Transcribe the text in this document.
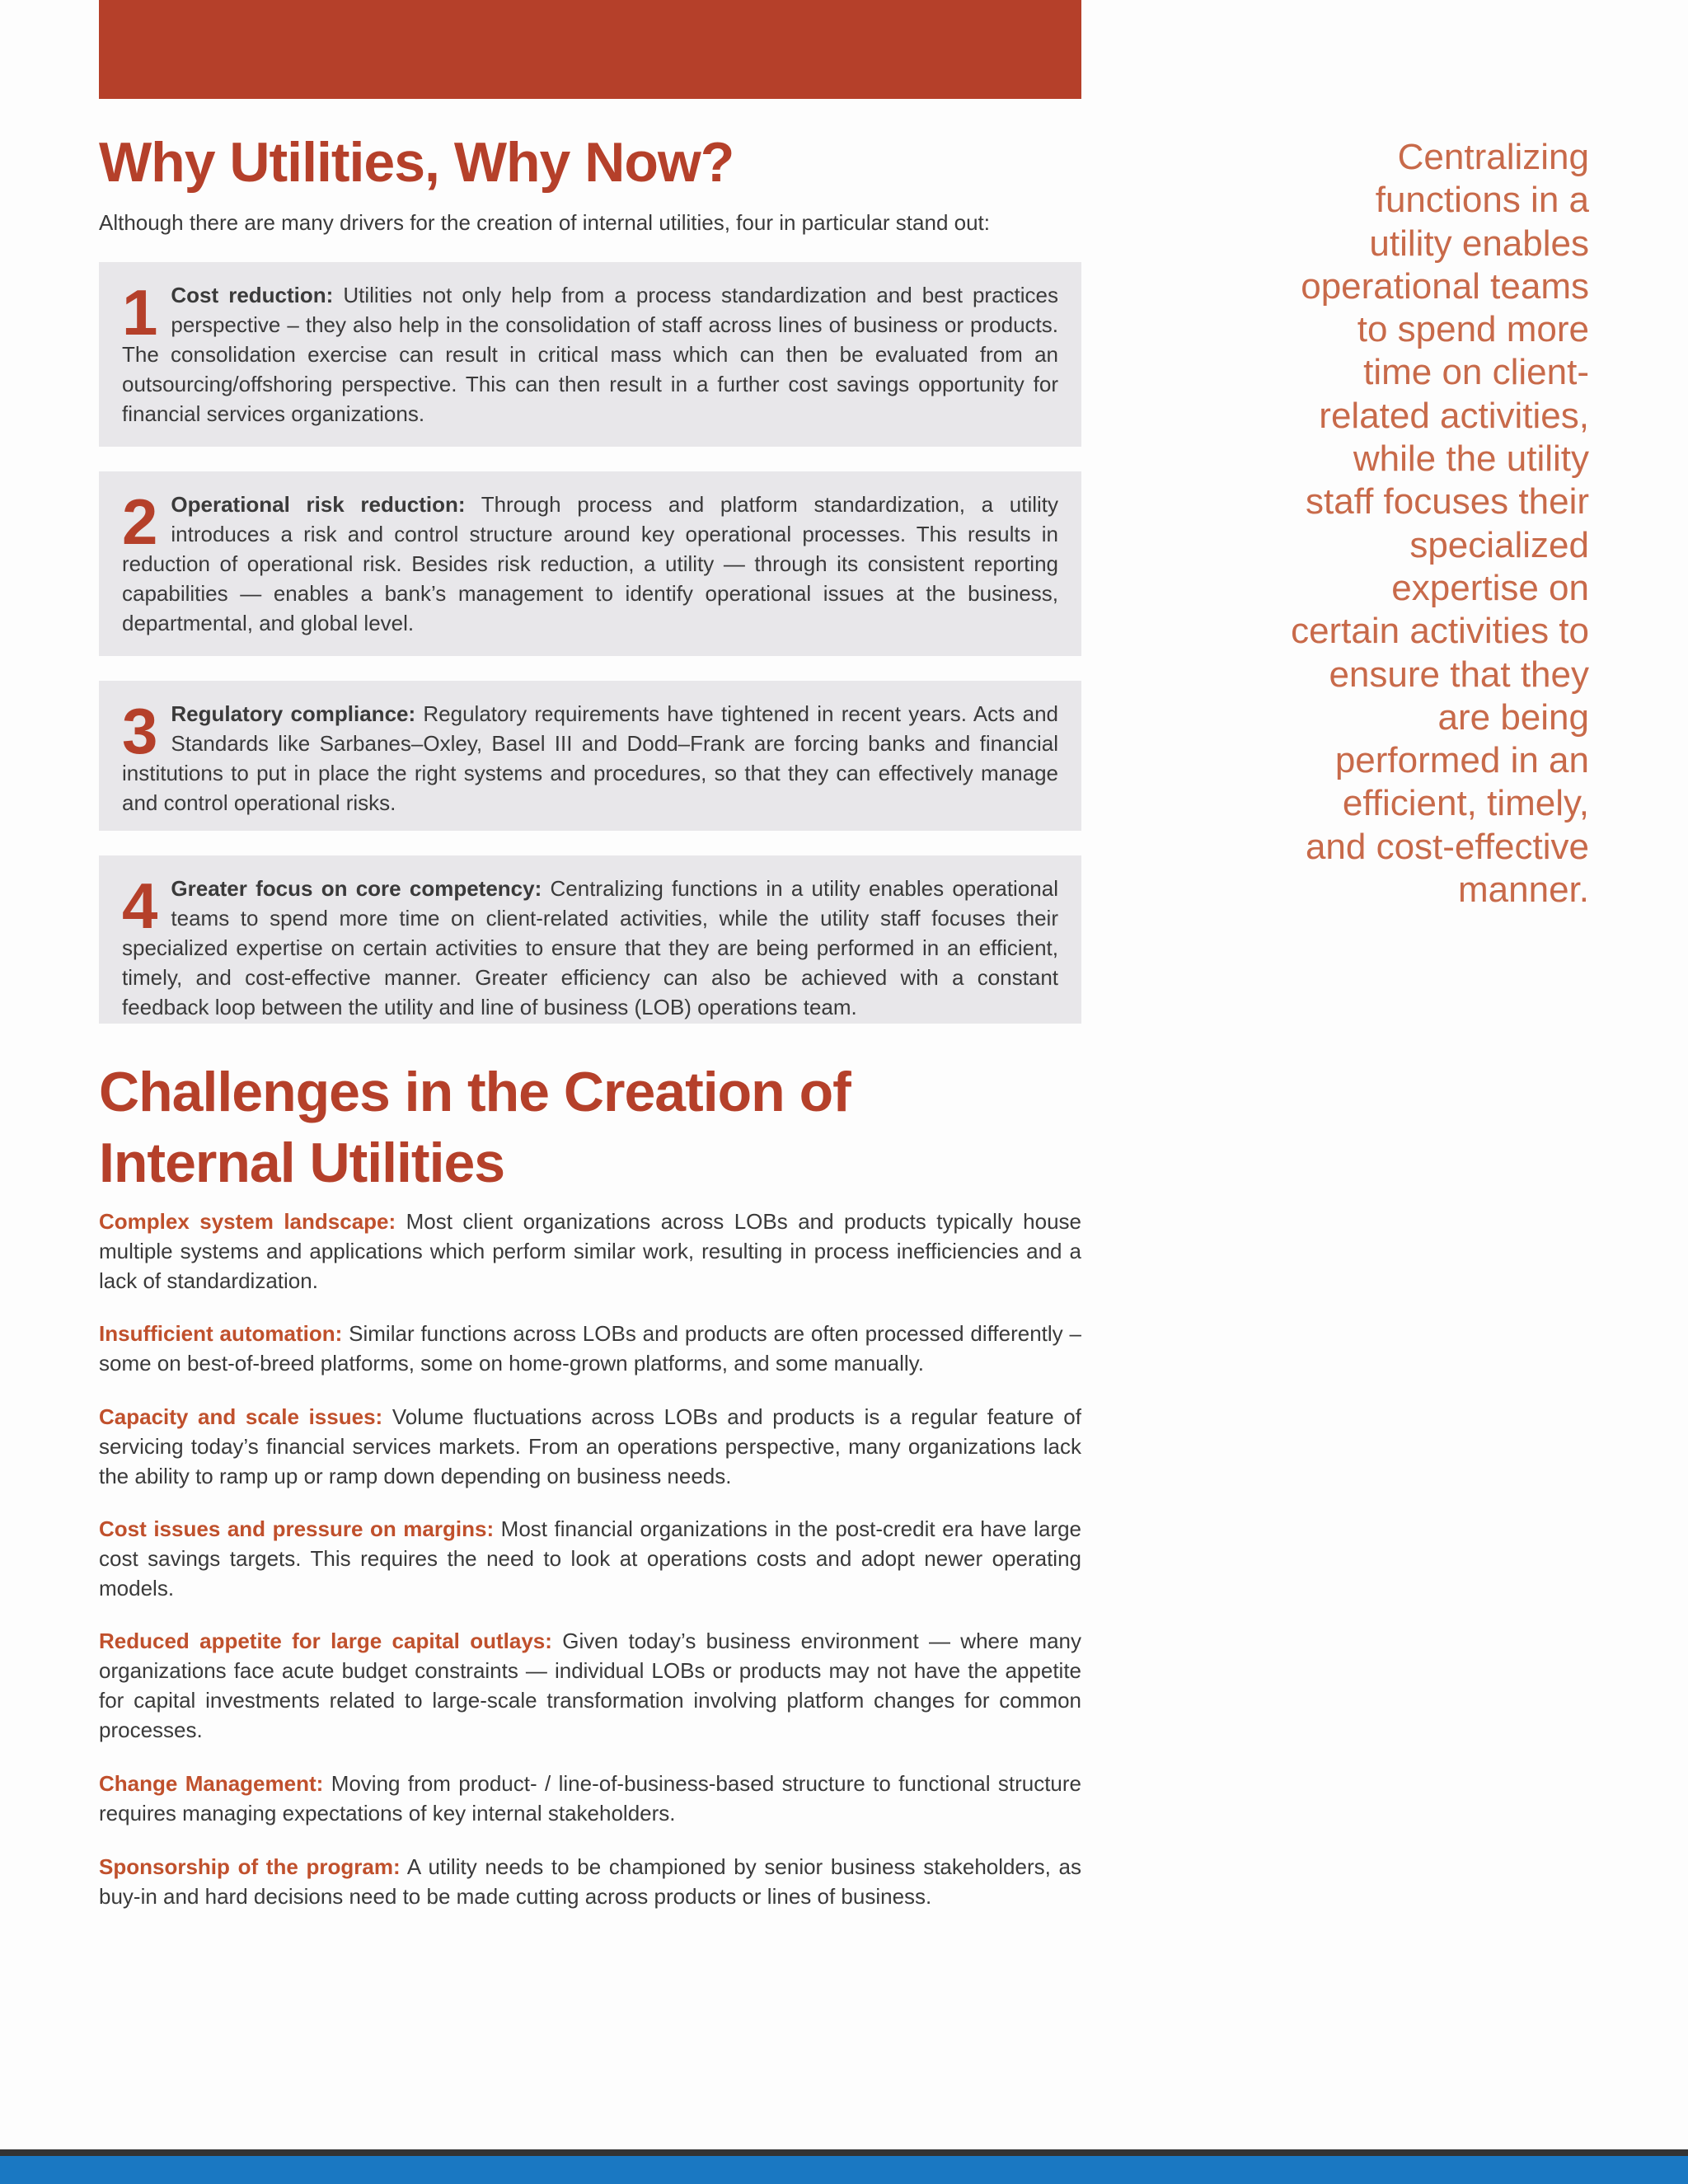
Why Utilities, Why Now?

Although there are many drivers for the creation of internal utilities, four in particular stand out:

1 Cost reduction: Utilities not only help from a process standardization and best practices perspective – they also help in the consolidation of staff across lines of business or products. The consolidation exercise can result in critical mass which can then be evaluated from an outsourcing/offshoring perspective. This can then result in a further cost savings opportunity for financial services organizations.
2 Operational risk reduction: Through process and platform standardization, a utility introduces a risk and control structure around key operational processes. This results in reduction of operational risk. Besides risk reduction, a utility — through its consistent reporting capabilities — enables a bank’s management to identify operational issues at the business, departmental, and global level.
3 Regulatory compliance: Regulatory requirements have tightened in recent years. Acts and Standards like Sarbanes–Oxley, Basel III and Dodd–Frank are forcing banks and financial institutions to put in place the right systems and procedures, so that they can effectively manage and control operational risks.
4 Greater focus on core competency: Centralizing functions in a utility enables operational teams to spend more time on client-related activities, while the utility staff focuses their specialized expertise on certain activities to ensure that they are being performed in an efficient, timely, and cost-effective manner. Greater efficiency can also be achieved with a constant feedback loop between the utility and line of business (LOB) operations team.
Challenges in the Creation of
Internal Utilities

Complex system landscape: Most client organizations across LOBs and products typically house multiple systems and applications which perform similar work, resulting in process inefficiencies and a lack of standardization.

Insufficient automation: Similar functions across LOBs and products are often processed differently – some on best-of-breed platforms, some on home-grown platforms, and some manually.

Capacity and scale issues: Volume fluctuations across LOBs and products is a regular feature of servicing today’s financial services markets. From an operations perspective, many organizations lack the ability to ramp up or ramp down depending on business needs.

Cost issues and pressure on margins: Most financial organizations in the post-credit era have large cost savings targets. This requires the need to look at operations costs and adopt newer operating models.

Reduced appetite for large capital outlays: Given today’s business environment — where many organizations face acute budget constraints — individual LOBs or products may not have the appetite for capital investments related to large-scale transformation involving platform changes for common processes.

Change Management: Moving from product- / line-of-business-based structure to functional structure requires managing expectations of key internal stakeholders.

Sponsorship of the program: A utility needs to be championed by senior business stakeholders, as buy-in and hard decisions need to be made cutting across products or lines of business.

Centralizing functions in a utility enables operational teams to spend more time on client-related activities, while the utility staff focuses their specialized expertise on certain activities to ensure that they are being performed in an efficient, timely, and cost-effective manner.
